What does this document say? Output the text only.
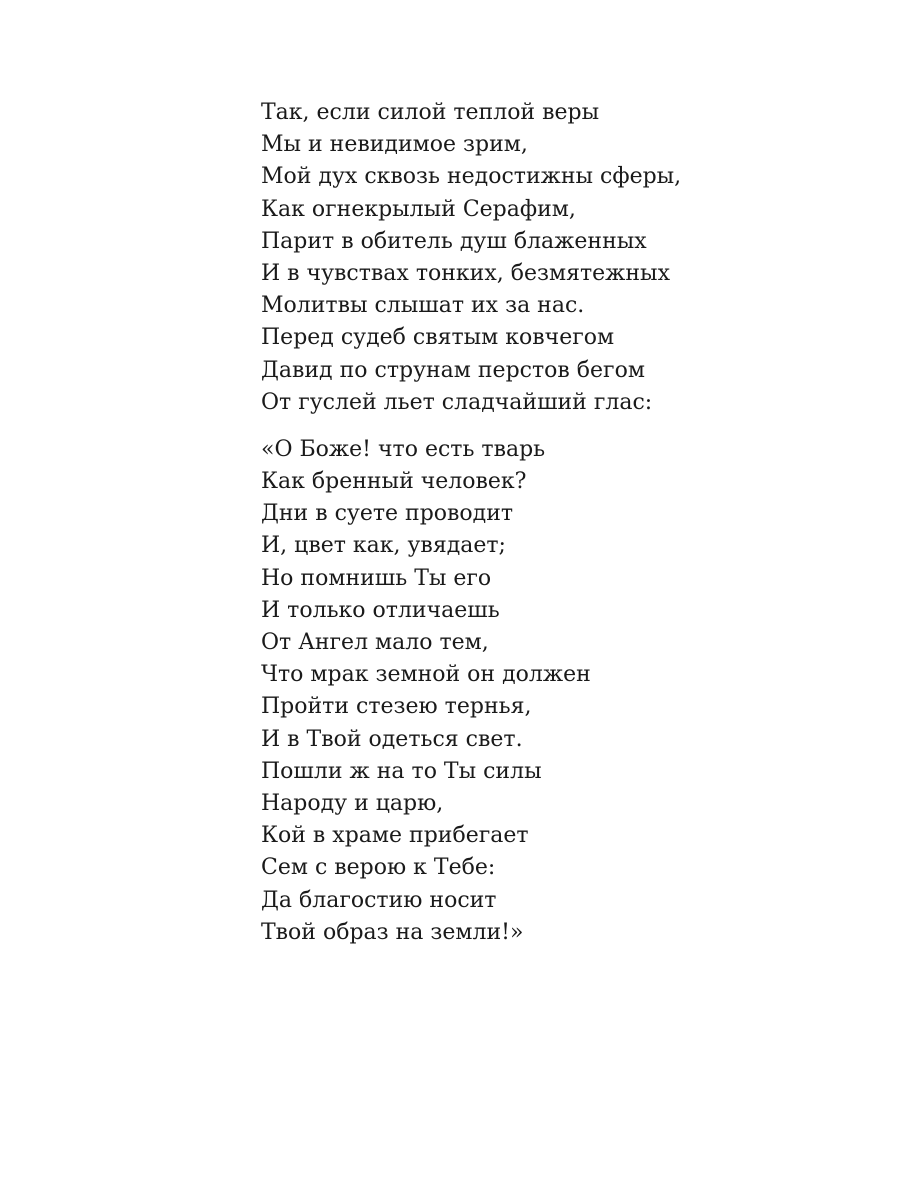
Так, если силой теплой веры
Мы и невидимое зрим,
Мой дух сквозь недостижны сферы,
Как огнекрылый Серафим,
Парит в обитель душ блаженных
И в чувствах тонких, безмятежных
Молитвы слышат их за нас.
Перед судеб святым ковчегом
Давид по струнам перстов бегом
От гуслей льет сладчайший глас:
«О Боже! что есть тварь
Как бренный человек?
Дни в суете проводит
И, цвет как, увядает;
Но помнишь Ты его
И только отличаешь
От Ангел мало тем,
Что мрак земной он должен
Пройти стезею тернья,
И в Твой одеться свет.
Пошли ж на то Ты силы
Народу и царю,
Кой в храме прибегает
Сем с верою к Тебе:
Да благостию носит
Твой образ на земли!»
